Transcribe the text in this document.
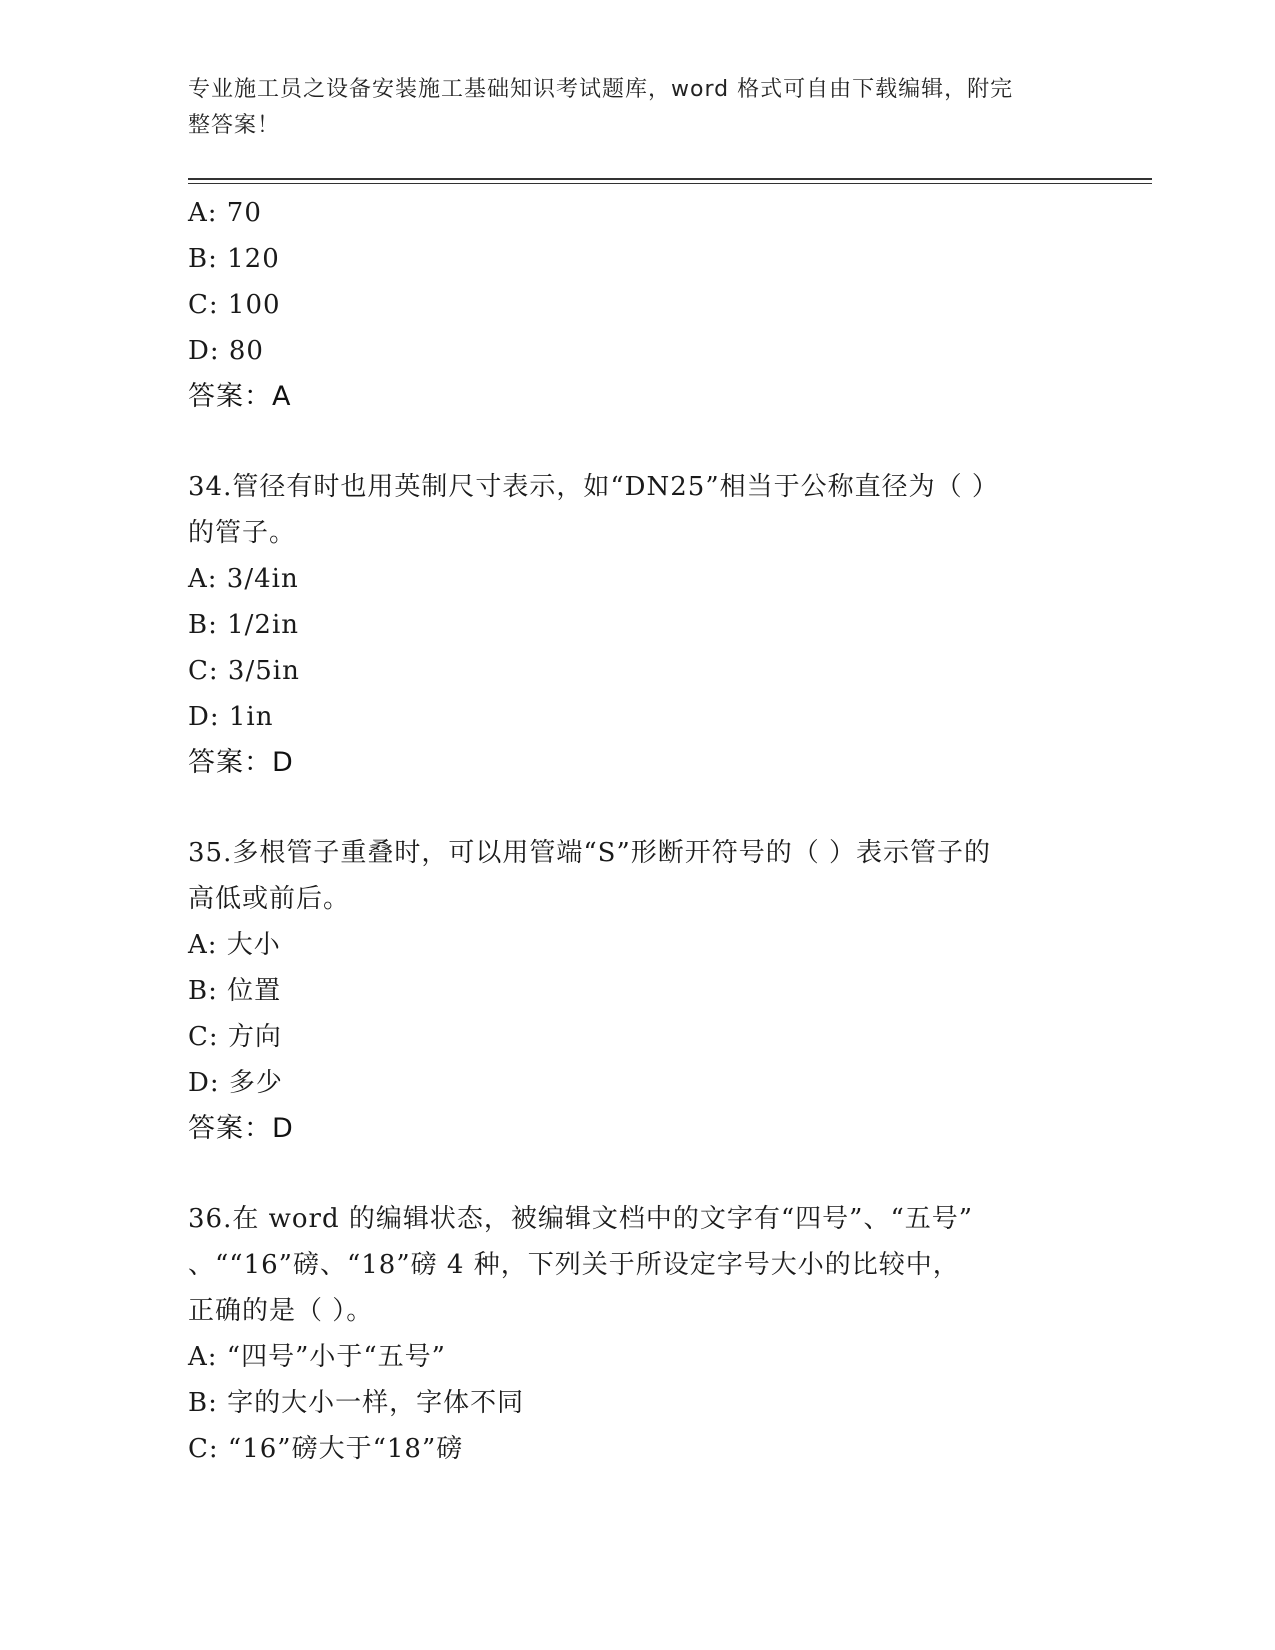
专业施工员之设备安装施工基础知识考试题库，word 格式可自由下载编辑，附完
整答案！
A: 70
B: 120
C: 100
D: 80
答案：A
34.管径有时也用英制尺寸表示，如“DN25”相当于公称直径为（ ）
的管子。
A: 3/4in
B: 1/2in
C: 3/5in
D: 1in
答案：D
35.多根管子重叠时，可以用管端“S”形断开符号的（ ）表示管子的
高低或前后。
A: 大小
B: 位置
C: 方向
D: 多少
答案：D
36.在 word 的编辑状态，被编辑文档中的文字有“四号”、“五号”
、““16”磅、“18”磅 4 种，下列关于所设定字号大小的比较中，
正确的是（ ）。
A: “四号”小于“五号”
B: 字的大小一样，字体不同
C: “16”磅大于“18”磅
